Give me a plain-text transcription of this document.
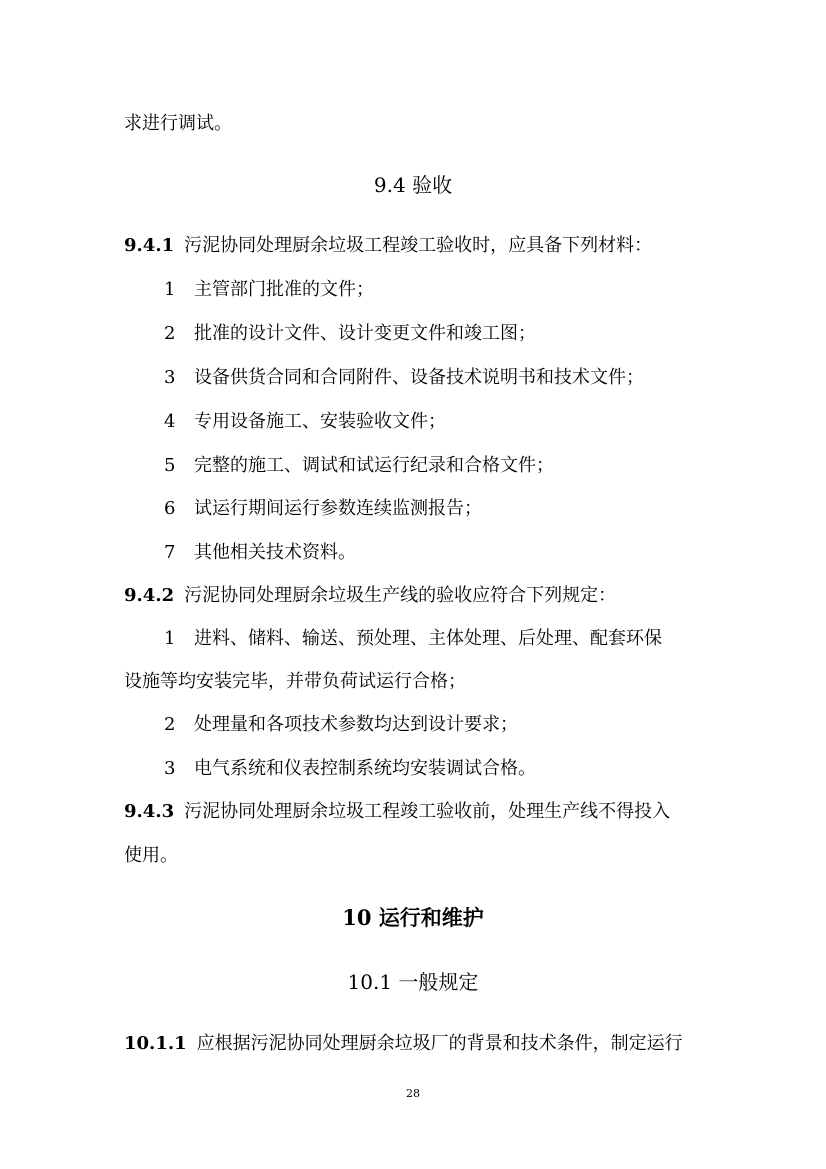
求进行调试。
9.4 验收
9.4.1 污泥协同处理厨余垃圾工程竣工验收时，应具备下列材料：
1 主管部门批准的文件；
2 批准的设计文件、设计变更文件和竣工图；
3 设备供货合同和合同附件、设备技术说明书和技术文件；
4 专用设备施工、安装验收文件；
5 完整的施工、调试和试运行纪录和合格文件；
6 试运行期间运行参数连续监测报告；
7 其他相关技术资料。
9.4.2 污泥协同处理厨余垃圾生产线的验收应符合下列规定：
1 进料、储料、输送、预处理、主体处理、后处理、配套环保
设施等均安装完毕，并带负荷试运行合格；
2 处理量和各项技术参数均达到设计要求；
3 电气系统和仪表控制系统均安装调试合格。
9.4.3 污泥协同处理厨余垃圾工程竣工验收前，处理生产线不得投入
使用。
10 运行和维护
10.1 一般规定
10.1.1 应根据污泥协同处理厨余垃圾厂的背景和技术条件，制定运行
28
